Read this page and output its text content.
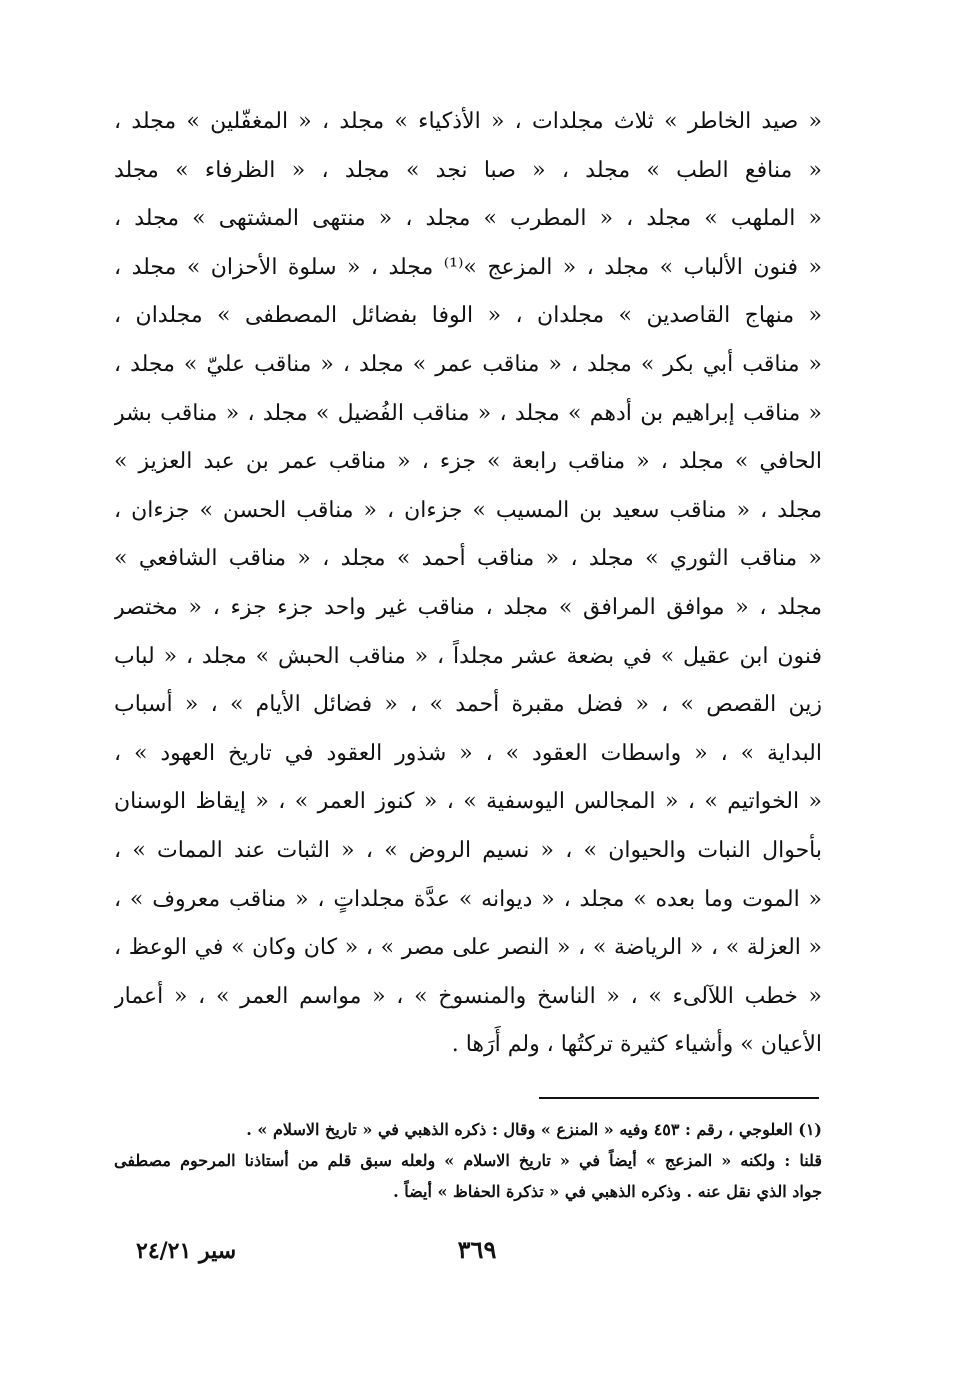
« صيد الخاطر » ثلاث مجلدات ، « الأذكياء » مجلد ، « المغفّلين » مجلد ،
« منافع الطب » مجلد ، « صبا نجد » مجلد ، « الظرفاء » مجلد
« الملهب » مجلد ، « المطرب » مجلد ، « منتهى المشتهى » مجلد ،
« فنون الألباب » مجلد ، « المزعج »⁽¹⁾ مجلد ، « سلوة الأحزان » مجلد ،
« منهاج القاصدين » مجلدان ، « الوفا بفضائل المصطفى » مجلدان ،
« مناقب أبي بكر » مجلد ، « مناقب عمر » مجلد ، « مناقب عليّ » مجلد ،
« مناقب إبراهيم بن أدهم » مجلد ، « مناقب الفُضيل » مجلد ، « مناقب بشر
الحافي » مجلد ، « مناقب رابعة » جزء ، « مناقب عمر بن عبد العزيز »
مجلد ، « مناقب سعيد بن المسيب » جزءان ، « مناقب الحسن » جزءان ،
« مناقب الثوري » مجلد ، « مناقب أحمد » مجلد ، « مناقب الشافعي »
مجلد ، « موافق المرافق » مجلد ، مناقب غير واحد جزء جزء ، « مختصر
فنون ابن عقيل » في بضعة عشر مجلداً ، « مناقب الحبش » مجلد ، « لباب
زين القصص » ، « فضل مقبرة أحمد » ، « فضائل الأيام » ، « أسباب
البداية » ، « واسطات العقود » ، « شذور العقود في تاريخ العهود » ،
« الخواتيم » ، « المجالس اليوسفية » ، « كنوز العمر » ، « إيقاظ الوسنان
بأحوال النبات والحيوان » ، « نسيم الروض » ، « الثبات عند الممات » ،
« الموت وما بعده » مجلد ، « ديوانه » عدَّة مجلداتٍ ، « مناقب معروف » ،
« العزلة » ، « الرياضة » ، « النصر على مصر » ، « كان وكان » في الوعظ ،
« خطب اللآلىء » ، « الناسخ والمنسوخ » ، « مواسم العمر » ، « أعمار
الأعيان » وأشياء كثيرة تركتُها ، ولم أَرَها .
(١) العلوجي ، رقم : ٤٥٣ وفيه « المنزع » وقال : ذكره الذهبي في « تاريخ الاسلام » .
قلنا : ولكنه « المزعج » أيضاً في « تاريخ الاسلام » ولعله سبق قلم من أستاذنا المرحوم مصطفى
جواد الذي نقل عنه . وذكره الذهبي في « تذكرة الحفاظ » أيضاً .
٣٦٩
سير ٢٤/٢١
